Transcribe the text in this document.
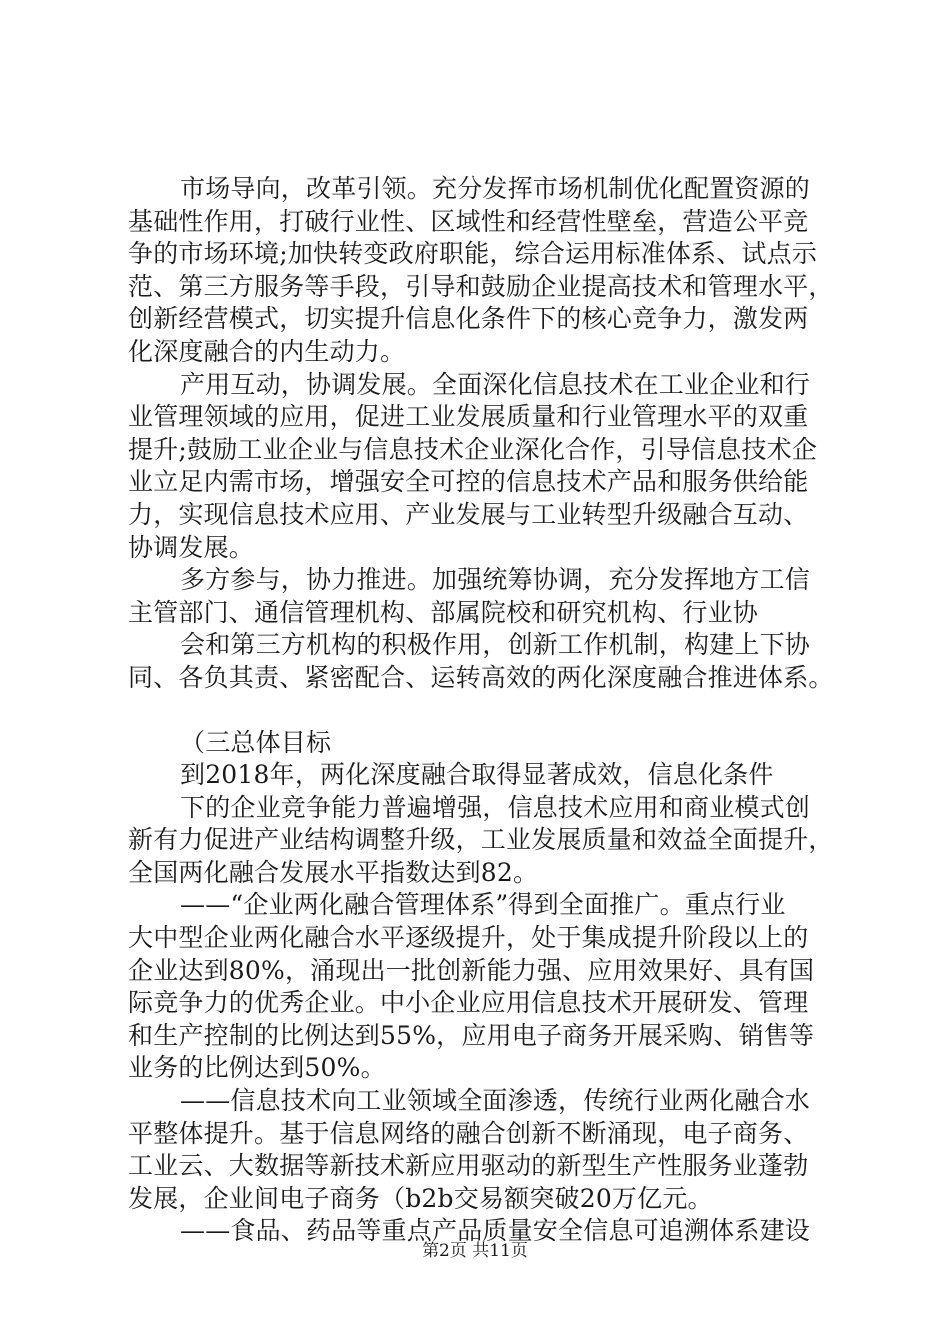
市场导向，改革引领。充分发挥市场机制优化配置资源的
基础性作用，打破行业性、区域性和经营性壁垒，营造公平竞
争的市场环境;加快转变政府职能，综合运用标准体系、试点示
范、第三方服务等手段，引导和鼓励企业提高技术和管理水平，
创新经营模式，切实提升信息化条件下的核心竞争力，激发两
化深度融合的内生动力。
产用互动，协调发展。全面深化信息技术在工业企业和行
业管理领域的应用，促进工业发展质量和行业管理水平的双重
提升;鼓励工业企业与信息技术企业深化合作，引导信息技术企
业立足内需市场，增强安全可控的信息技术产品和服务供给能
力，实现信息技术应用、产业发展与工业转型升级融合互动、
协调发展。
多方参与，协力推进。加强统筹协调，充分发挥地方工信
主管部门、通信管理机构、部属院校和研究机构、行业协
会和第三方机构的积极作用，创新工作机制，构建上下协
同、各负其责、紧密配合、运转高效的两化深度融合推进体系。
（三总体目标
到2018年，两化深度融合取得显著成效，信息化条件
下的企业竞争能力普遍增强，信息技术应用和商业模式创
新有力促进产业结构调整升级，工业发展质量和效益全面提升，
全国两化融合发展水平指数达到82。
——“企业两化融合管理体系”得到全面推广。重点行业
大中型企业两化融合水平逐级提升，处于集成提升阶段以上的
企业达到80%，涌现出一批创新能力强、应用效果好、具有国
际竞争力的优秀企业。中小企业应用信息技术开展研发、管理
和生产控制的比例达到55%，应用电子商务开展采购、销售等
业务的比例达到50%。
——信息技术向工业领域全面渗透，传统行业两化融合水
平整体提升。基于信息网络的融合创新不断涌现，电子商务、
工业云、大数据等新技术新应用驱动的新型生产性服务业蓬勃
发展，企业间电子商务（b2b交易额突破20万亿元。
——食品、药品等重点产品质量安全信息可追溯体系建设
第2页 共11页
